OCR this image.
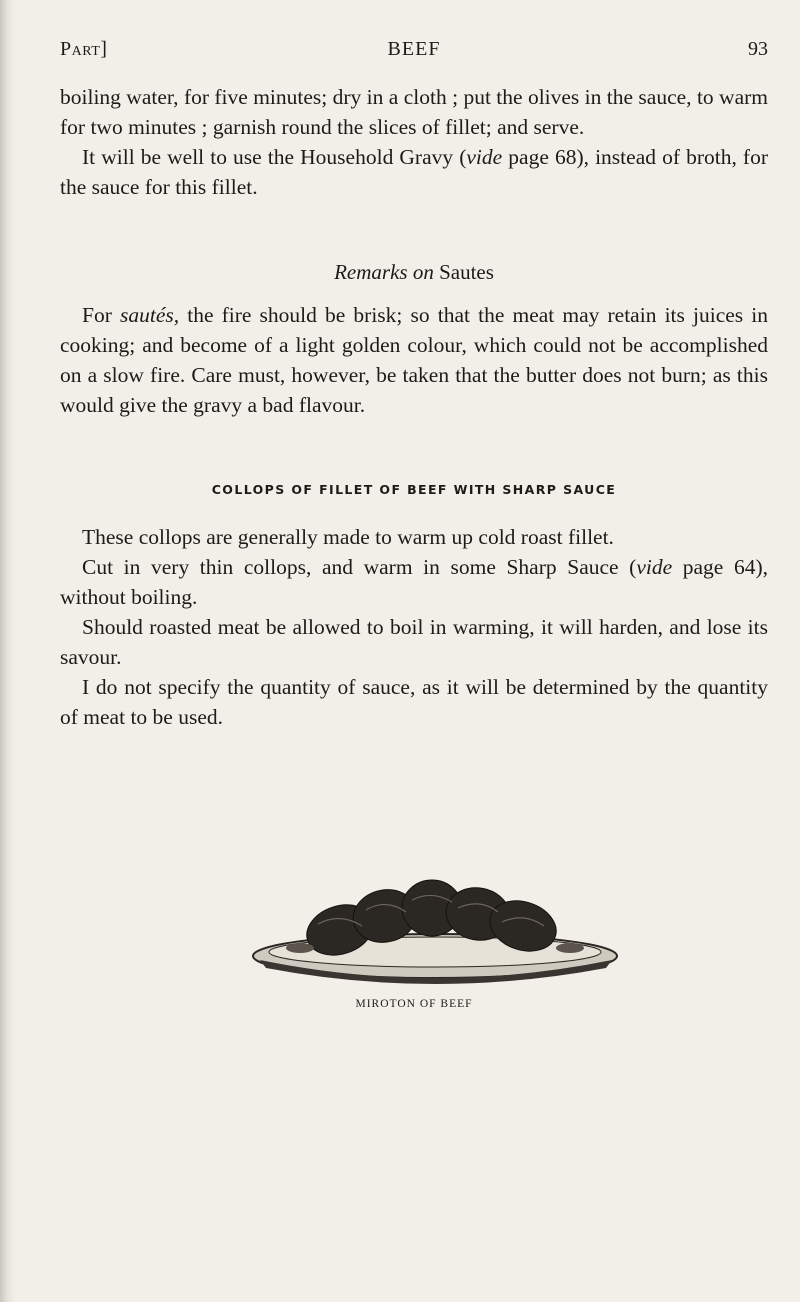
Part]	BEEF	93

boiling water, for five minutes; dry in a cloth ; put the olives in the sauce, to warm for two minutes ; garnish round the slices of fillet; and serve.

It will be well to use the Household Gravy (vide page 68), instead of broth, for the sauce for this fillet.

Remarks on Sautes

For sautés, the fire should be brisk; so that the meat may retain its juices in cooking; and become of a light golden colour, which could not be accomplished on a slow fire. Care must, however, be taken that the butter does not burn; as this would give the gravy a bad flavour.

COLLOPS OF FILLET OF BEEF WITH SHARP SAUCE

These collops are generally made to warm up cold roast fillet.

Cut in very thin collops, and warm in some Sharp Sauce (vide page 64), without boiling.

Should roasted meat be allowed to boil in warming, it will harden, and lose its savour.

I do not specify the quantity of sauce, as it will be determined by the quantity of meat to be used.

MIROTON OF BEEF
